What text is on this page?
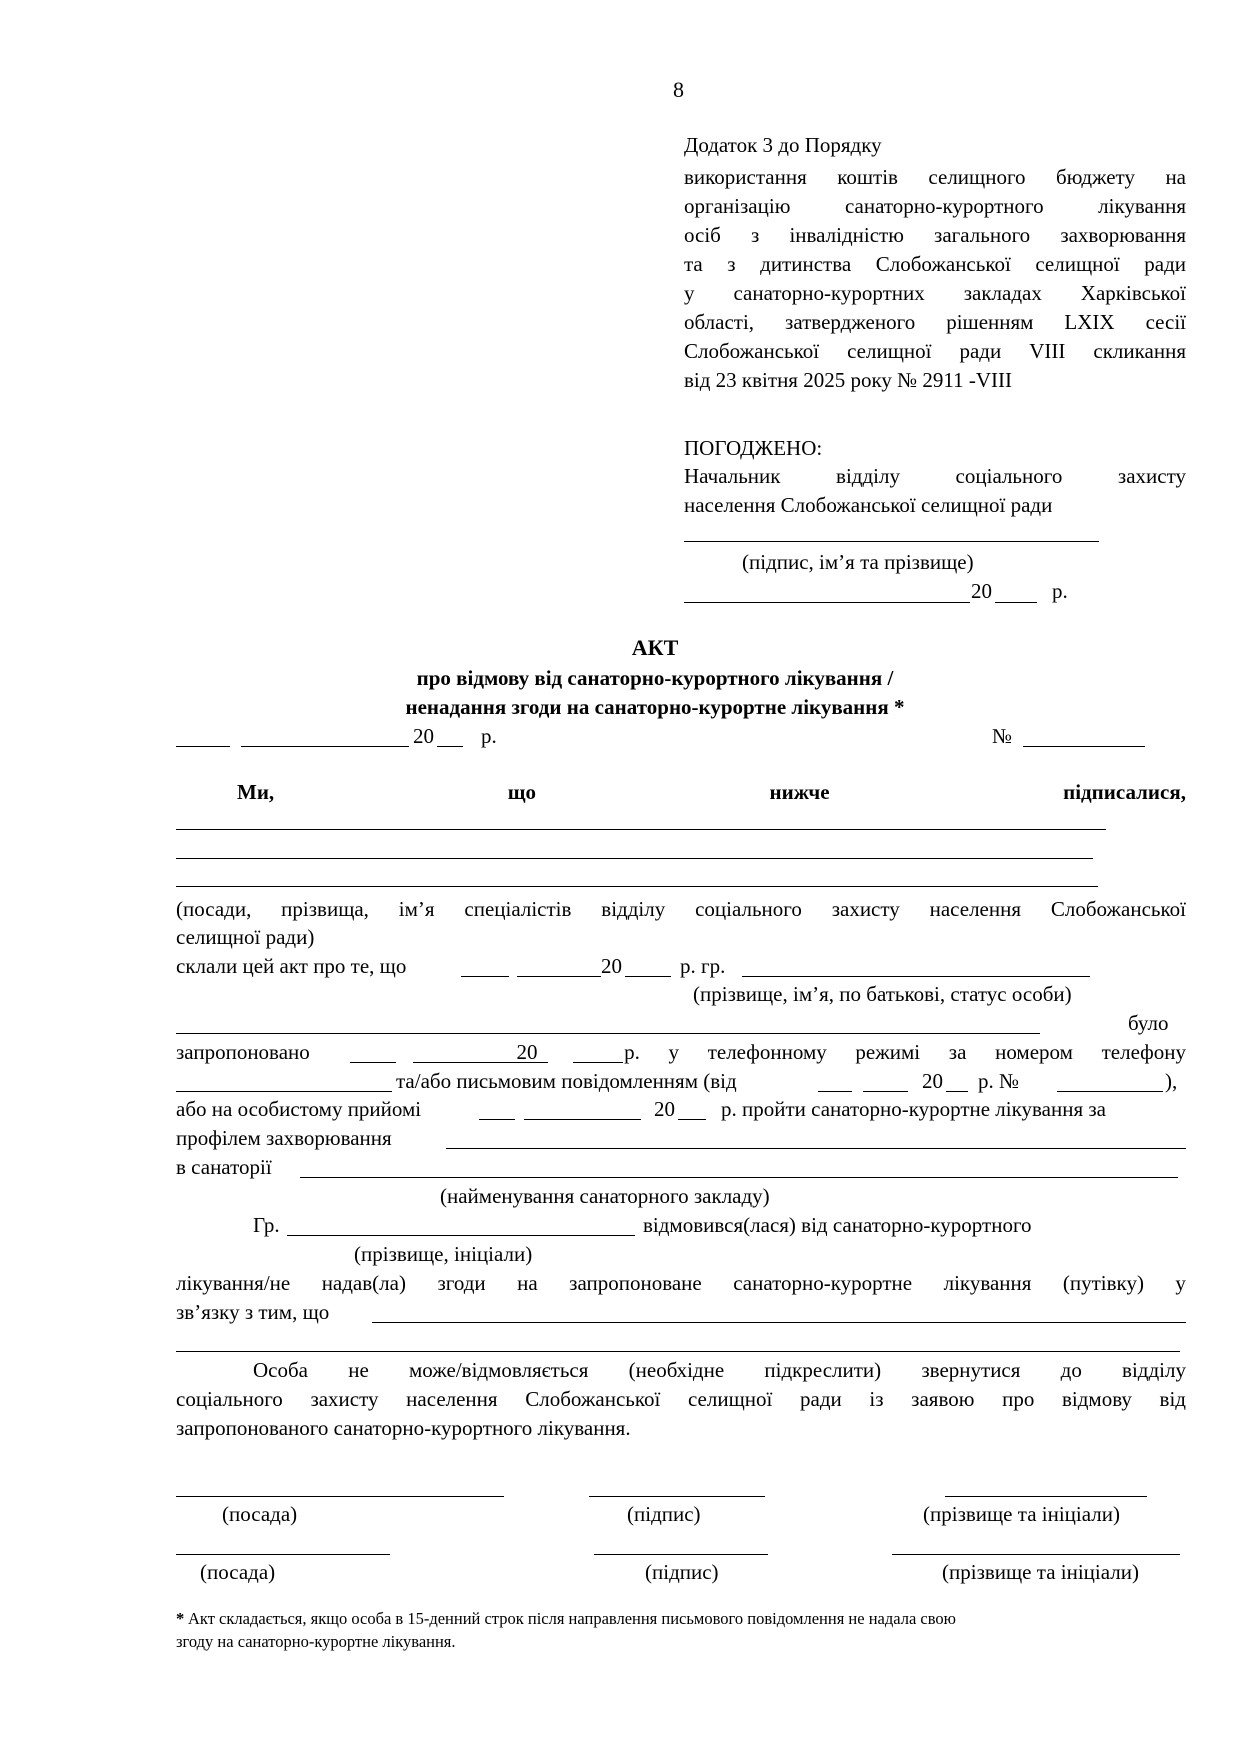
8
Додаток 3 до Порядку
використання коштів селищного бюджету на
організацію санаторно-курортного лікування
осіб з інвалідністю загального захворювання
та з дитинства Слобожанської селищної ради
у санаторно-курортних закладах Харківської
області, затвердженого рішенням LXIX сесії
Слобожанської селищної ради VIII скликання
від 23 квітня 2025 року № 2911 -VIII
ПОГОДЖЕНО:
Начальник	відділу	соціального	захисту
населення Слобожанської селищної ради
(підпис, ім’я та прізвище)
20	р.
АКТ
про відмову від санаторно-курортного лікування /
ненадання згоди на санаторно-курортне лікування *
20 р.	№
Ми,	що	нижче	підписалися,
(посади, прізвища, ім’я спеціалістів відділу соціального захисту населення Слобожанської
селищної ради)
склали цей акт про те, що	20	р. гр.
(прізвище, ім’я, по батькові, статус особи)
було
запропоновано	20	р. у телефонному режимі за номером телефону
та/або письмовим повідомленням (від	20 р. №	),
або на особистому прийомі	20 р. пройти санаторно-курортне лікування за
профілем захворювання
в санаторії
(найменування санаторного закладу)
Гр.	відмовився(лася) від санаторно-курортного
(прізвище, ініціали)
лікування/не надав(ла) згоди на запропоноване санаторно-курортне лікування (путівку) у
зв’язку з тим, що
Особа не може/відмовляється (необхідне підкреслити) звернутися до відділу
соціального захисту населення Слобожанської селищної ради із заявою про відмову від
запропонованого санаторно-курортного лікування.
(посада)	(підпис)	(прізвище та ініціали)
(посада)	(підпис)	(прізвище та ініціали)
* Акт складається, якщо особа в 15-денний строк після направлення письмового повідомлення не надала свою
згоду на санаторно-курортне лікування.
